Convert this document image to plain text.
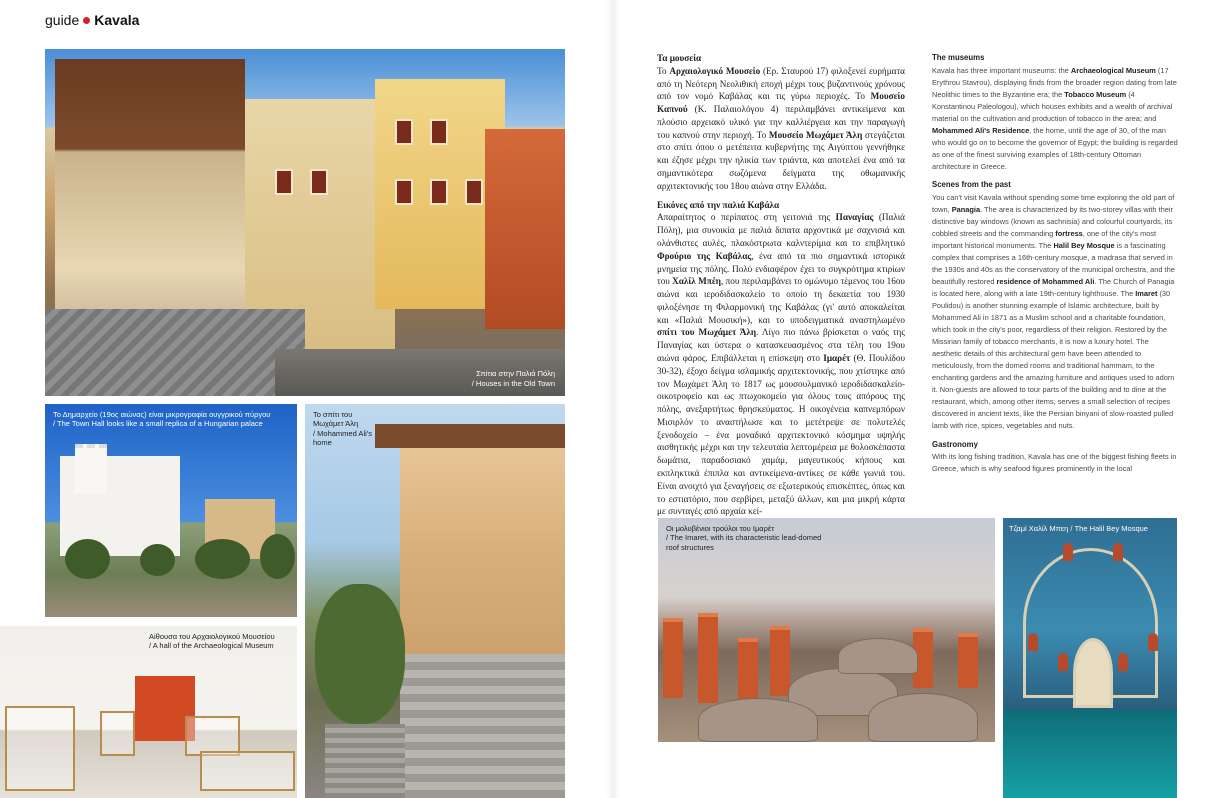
guide Kavala
Σπίτια στην Παλιά Πόλη
/ Houses in the Old Town
Το Δημαρχείο (19ος αιώνας) είναι μικρογραφία ουγγρικού πύργου
/ The Town Hall looks like a small replica of a Hungarian palace
Αίθουσα του Αρχαιολογικού Μουσείου
/ A hall of the Archaeological Museum
Το σπίτι του Μωχάμετ Άλη
/ Mohammed Ali's home

Τα μουσεία

Το Αρχαιολογικό Μουσείο (Ερ. Σταυρού 17) φιλοξενεί ευρήματα από τη Νεότερη Νεολιθική εποχή μέχρι τους βυζαντινούς χρόνους από τον νομό Καβάλας και τις γύρω περιοχές. Το Μουσείο Καπνού (Κ. Παλαιολόγου 4) περιλαμβάνει αντικείμενα και πλούσιο αρχειακό υλικό για την καλλιέργεια και την παραγωγή του καπνού στην περιοχή. Το Μουσείο Μωχάμετ Άλη στεγάζεται στο σπίτι όπου ο μετέπειτα κυβερνήτης της Αιγύπτου γεννήθηκε και έζησε μέχρι την ηλικία των τριάντα, και αποτελεί ένα από τα σημαντικότερα σωζόμενα δείγματα της οθωμανικής αρχιτεκτονικής του 18ου αιώνα στην Ελλάδα.

Εικόνες από την παλιά Καβάλα

Απαραίτητος ο περίπατος στη γειτονιά της Παναγίας (Παλιά Πόλη), μια συνοικία με παλιά διπατα αρχοντικά με σαχνισιά και ολάνθιστες αυλές, πλακόστρωτα καλντερίμια και το επιβλητικό Φρούριο της Καβάλας, ένα από τα πιο σημαντικά ιστορικά μνημεία της πόλης. Πολύ ενδιαφέρον έχει το συγκρότημα κτιρίων του Χαλίλ Μπέη, που περιλαμβάνει το ομώνυμο τέμενος του 16ου αιώνα και ιεροδιδασκαλείο το οποίο τη δεκαετία του 1930 φιλοξένησε τη Φιλαρμονική της Καβάλας (γι' αυτό αποκαλείται και «Παλιά Μουσική»), και το υποδειγματικά αναστηλωμένο σπίτι του Μωχάμετ Άλη. Λίγο πιο πάνω βρίσκεται ο ναός της Παναγίας και ύστερα ο κατασκευασμένος στα τέλη του 19ου αιώνα φάρος. Επιβάλλεται η επίσκεψη στο Ιμαρέτ (Θ. Πουλίδου 30-32), έξοχο δείγμα ισλαμικής αρχιτεκτονικής, που χτίστηκε από τον Μωχάμετ Άλη το 1817 ως μουσουλμανικό ιεροδιδασκαλείο-οικοτροφείο και ως πτωχοκομείο για όλους τους απόρους της πόλης, ανεξαρτήτως θρησκεύματος. Η οικογένεια καπνεμπόρων Μισιρλόν το αναστήλωσε και το μετέτρεψε σε πολυτελές ξενοδοχείο – ένα μοναδικό αρχιτεκτονικό κόσμημα υψηλής αισθητικής μέχρι και την τελευταία λεπτομέρεια με θολοσκέπαστα δωμάτια, παραδοσιακό χαμάμ, μαγευτικούς κήπους και εκπληκτικά έπιπλα και αντικείμενα-αντίκες σε κάθε γωνιά του. Είναι ανοιχτό για ξεναγήσεις σε εξωτερικούς επισκέπτες, όπως και το εστιατόριο, που σερβίρει, μεταξύ άλλων, και μια μικρή κάρτα με συνταγές από αρχαία κεί-

The museums

Kavala has three important museums: the Archaeological Museum (17 Erythrou Stavrou), displaying finds from the broader region dating from late Neolithic times to the Byzantine era; the Tobacco Museum (4 Konstantinou Paleologou), which houses exhibits and a wealth of archival material on the cultivation and production of tobacco in the area; and Mohammed Ali's Residence, the home, until the age of 30, of the man who would go on to become the governor of Egypt; the building is regarded as one of the finest surviving examples of 18th-century Ottoman architecture in Greece.

Scenes from the past

You can't visit Kavala without spending some time exploring the old part of town, Panagia. The area is characterized by its two-storey villas with their distinctive bay windows (known as sachnisia) and colourful courtyards, its cobbled streets and the commanding fortress, one of the city's most important historical monuments. The Halil Bey Mosque is a fascinating complex that comprises a 16th-century mosque, a madrasa that served in the 1930s and 40s as the conservatory of the municipal orchestra, and the beautifully restored residence of Mohammed Ali. The Church of Panagia is located here, along with a late 19th-century lighthouse. The Imaret (30 Poulidou) is another stunning example of Islamic architecture, built by Mohammed Ali in 1871 as a Muslim school and a charitable foundation, which took in the city's poor, regardless of their religion. Restored by the Missirian family of tobacco merchants, it is now a luxury hotel. The aesthetic details of this architectural gem have been attended to meticulously, from the domed rooms and traditional hammam, to the enchanting gardens and the amazing furniture and antiques used to adorn it. Non-guests are allowed to tour parts of the building and to dine at the restaurant, which, among other items, serves a small selection of recipes discovered in ancient texts, like the Persian biriyani of slow-roasted pulled lamb with rice, spices, vegetables and nuts.

Gastronomy

With its long fishing tradition, Kavala has one of the biggest fishing fleets in Greece, which is why seafood figures prominently in the local

Οι μολυβένιοι τρούλοι του Ιμαρέτ
/ The Imaret, with its characteristic lead-domed roof structures
Τζαμί Χαλίλ Μπεη / The Halil Bey Mosque
